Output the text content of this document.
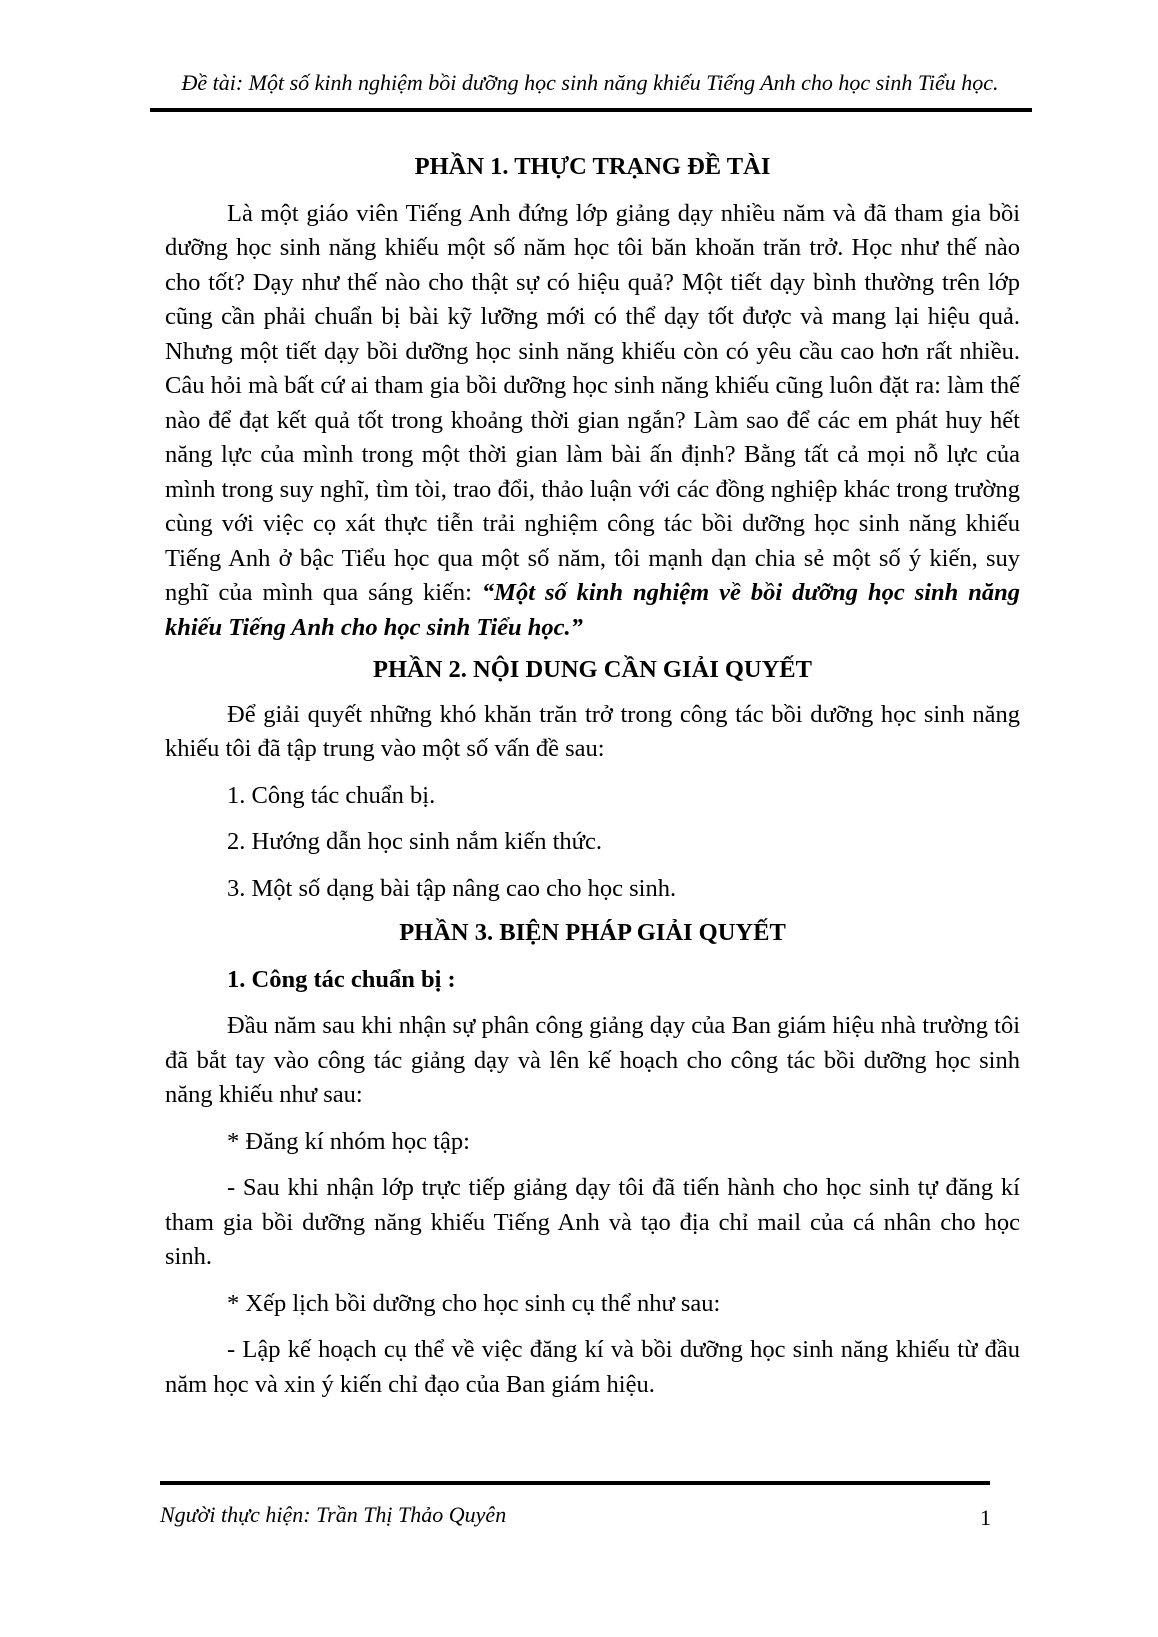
Đề tài: Một số kinh nghiệm bồi dưỡng học sinh năng khiếu Tiếng Anh cho học sinh Tiểu học.
PHẦN 1. THỰC TRẠNG ĐỀ TÀI

Là một giáo viên Tiếng Anh đứng lớp giảng dạy nhiều năm và đã tham gia bồi dưỡng học sinh năng khiếu một số năm học tôi băn khoăn trăn trở. Học như thế nào cho tốt? Dạy như thế nào cho thật sự có hiệu quả? Một tiết dạy bình thường trên lớp cũng cần phải chuẩn bị bài kỹ lưỡng mới có thể dạy tốt được và mang lại hiệu quả. Nhưng một tiết dạy bồi dưỡng học sinh năng khiếu còn có yêu cầu cao hơn rất nhiều. Câu hỏi mà bất cứ ai tham gia bồi dưỡng học sinh năng khiếu cũng luôn đặt ra: làm thế nào để đạt kết quả tốt trong khoảng thời gian ngắn? Làm sao để các em phát huy hết năng lực của mình trong một thời gian làm bài ấn định? Bằng tất cả mọi nỗ lực của mình trong suy nghĩ, tìm tòi, trao đổi, thảo luận với các đồng nghiệp khác trong trường cùng với việc cọ xát thực tiễn trải nghiệm công tác bồi dưỡng học sinh năng khiếu Tiếng Anh ở bậc Tiểu học qua một số năm, tôi mạnh dạn chia sẻ một số ý kiến, suy nghĩ của mình qua sáng kiến: “Một số kinh nghiệm về bồi dưỡng học sinh năng khiếu Tiếng Anh cho học sinh Tiểu học.”

PHẦN 2. NỘI DUNG CẦN GIẢI QUYẾT

Để giải quyết những khó khăn trăn trở trong công tác bồi dưỡng học sinh năng khiếu tôi đã tập trung vào một số vấn đề sau:

1. Công tác chuẩn bị.

2. Hướng dẫn học sinh nắm kiến thức.

3. Một số dạng bài tập nâng cao cho học sinh.

PHẦN 3. BIỆN PHÁP GIẢI QUYẾT

1. Công tác chuẩn bị :

Đầu năm sau khi nhận sự phân công giảng dạy của Ban giám hiệu nhà trường tôi đã bắt tay vào công tác giảng dạy và lên kế hoạch cho công tác bồi dưỡng học sinh năng khiếu như sau:

* Đăng kí nhóm học tập:

- Sau khi nhận lớp trực tiếp giảng dạy tôi đã tiến hành cho học sinh tự đăng kí tham gia bồi dưỡng năng khiếu Tiếng Anh và tạo địa chỉ mail của cá nhân cho học sinh.

* Xếp lịch bồi dưỡng cho học sinh cụ thể như sau:

- Lập kế hoạch cụ thể về việc đăng kí và bồi dưỡng học sinh năng khiếu từ đầu năm học và xin ý kiến chỉ đạo của Ban giám hiệu.

Người thực hiện: Trần Thị Thảo Quyên	1
